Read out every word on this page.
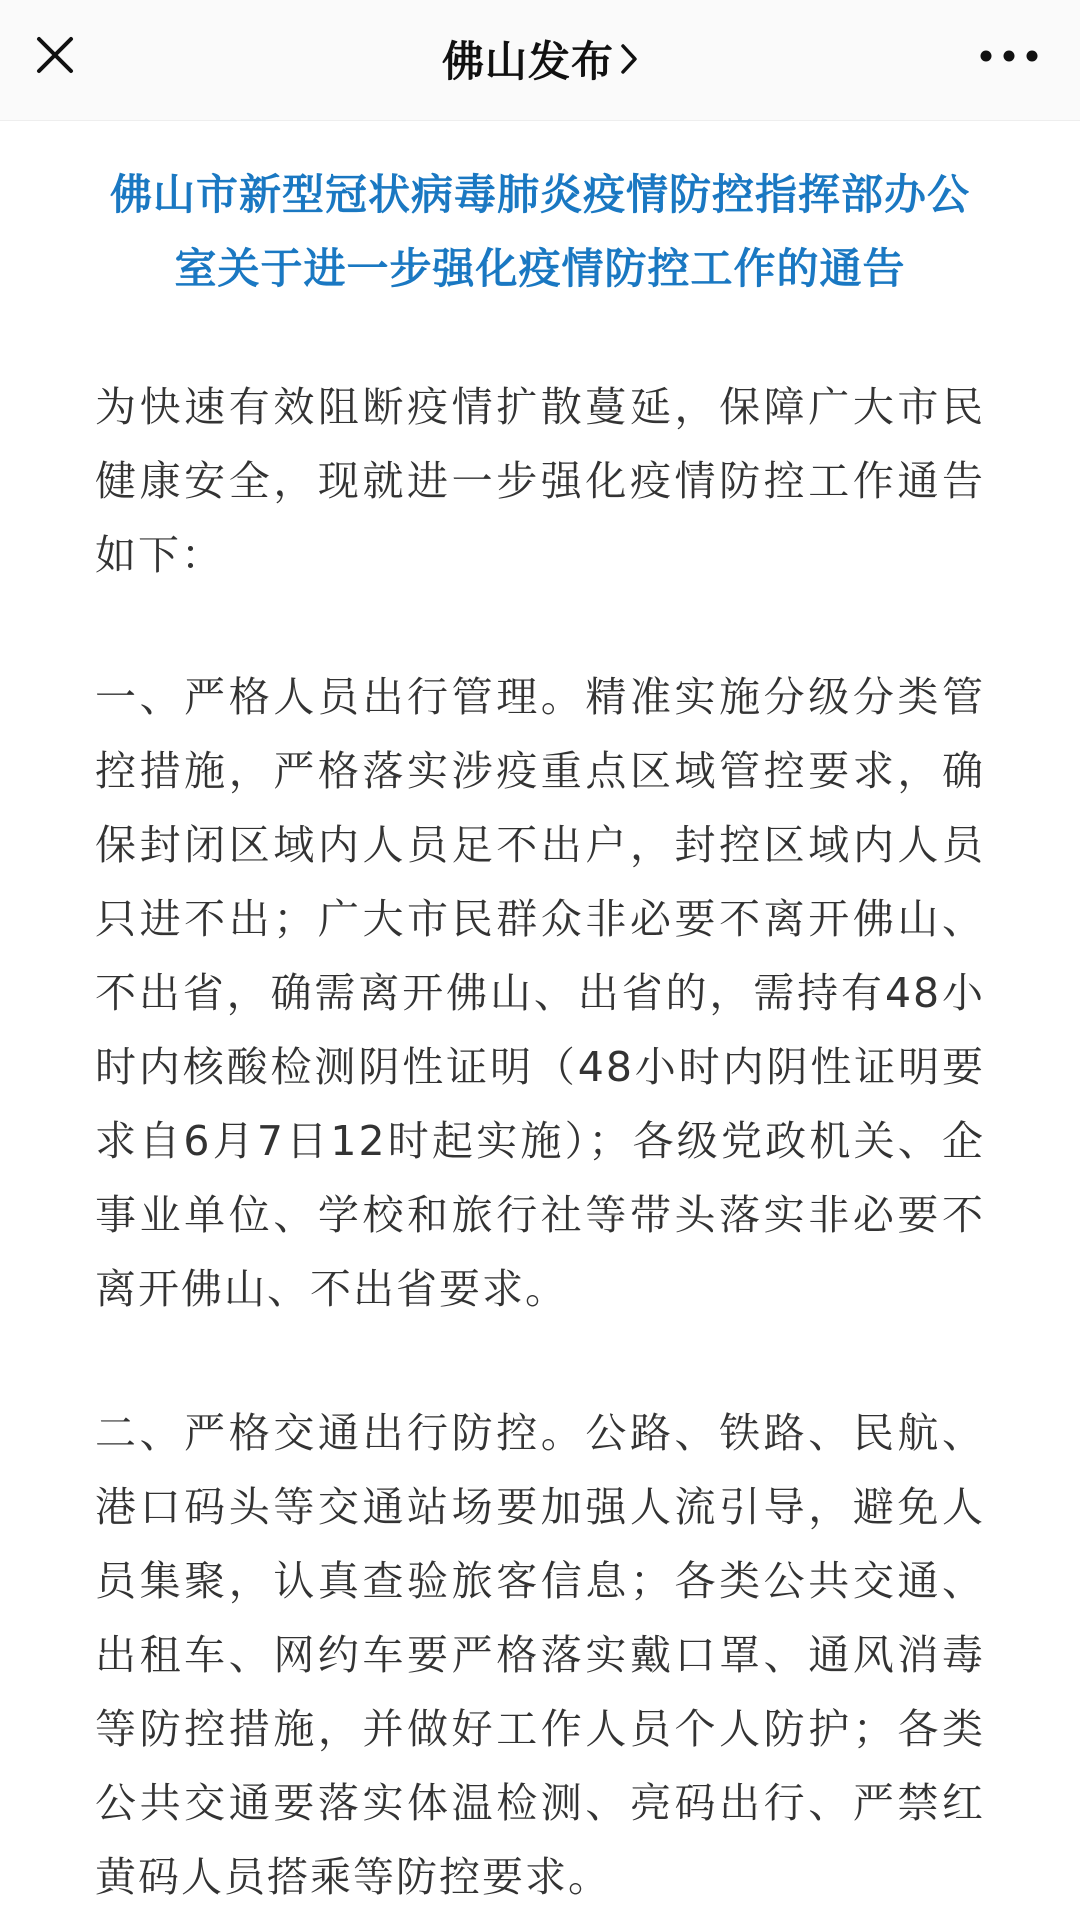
佛山发布
佛山市新型冠状病毒肺炎疫情防控指挥部办公室关于进一步强化疫情防控工作的通告

为快速有效阻断疫情扩散蔓延，保障广大市民健康安全，现就进一步强化疫情防控工作通告如下：

一、严格人员出行管理。精准实施分级分类管控措施，严格落实涉疫重点区域管控要求，确保封闭区域内人员足不出户，封控区域内人员只进不出；广大市民群众非必要不离开佛山、不出省，确需离开佛山、出省的，需持有48小时内核酸检测阴性证明（48小时内阴性证明要求自6月7日12时起实施）；各级党政机关、企事业单位、学校和旅行社等带头落实非必要不离开佛山、不出省要求。

二、严格交通出行防控。公路、铁路、民航、港口码头等交通站场要加强人流引导，避免人员集聚，认真查验旅客信息；各类公共交通、出租车、网约车要严格落实戴口罩、通风消毒等防控措施，并做好工作人员个人防护；各类公共交通要落实体温检测、亮码出行、严禁红黄码人员搭乘等防控要求。
